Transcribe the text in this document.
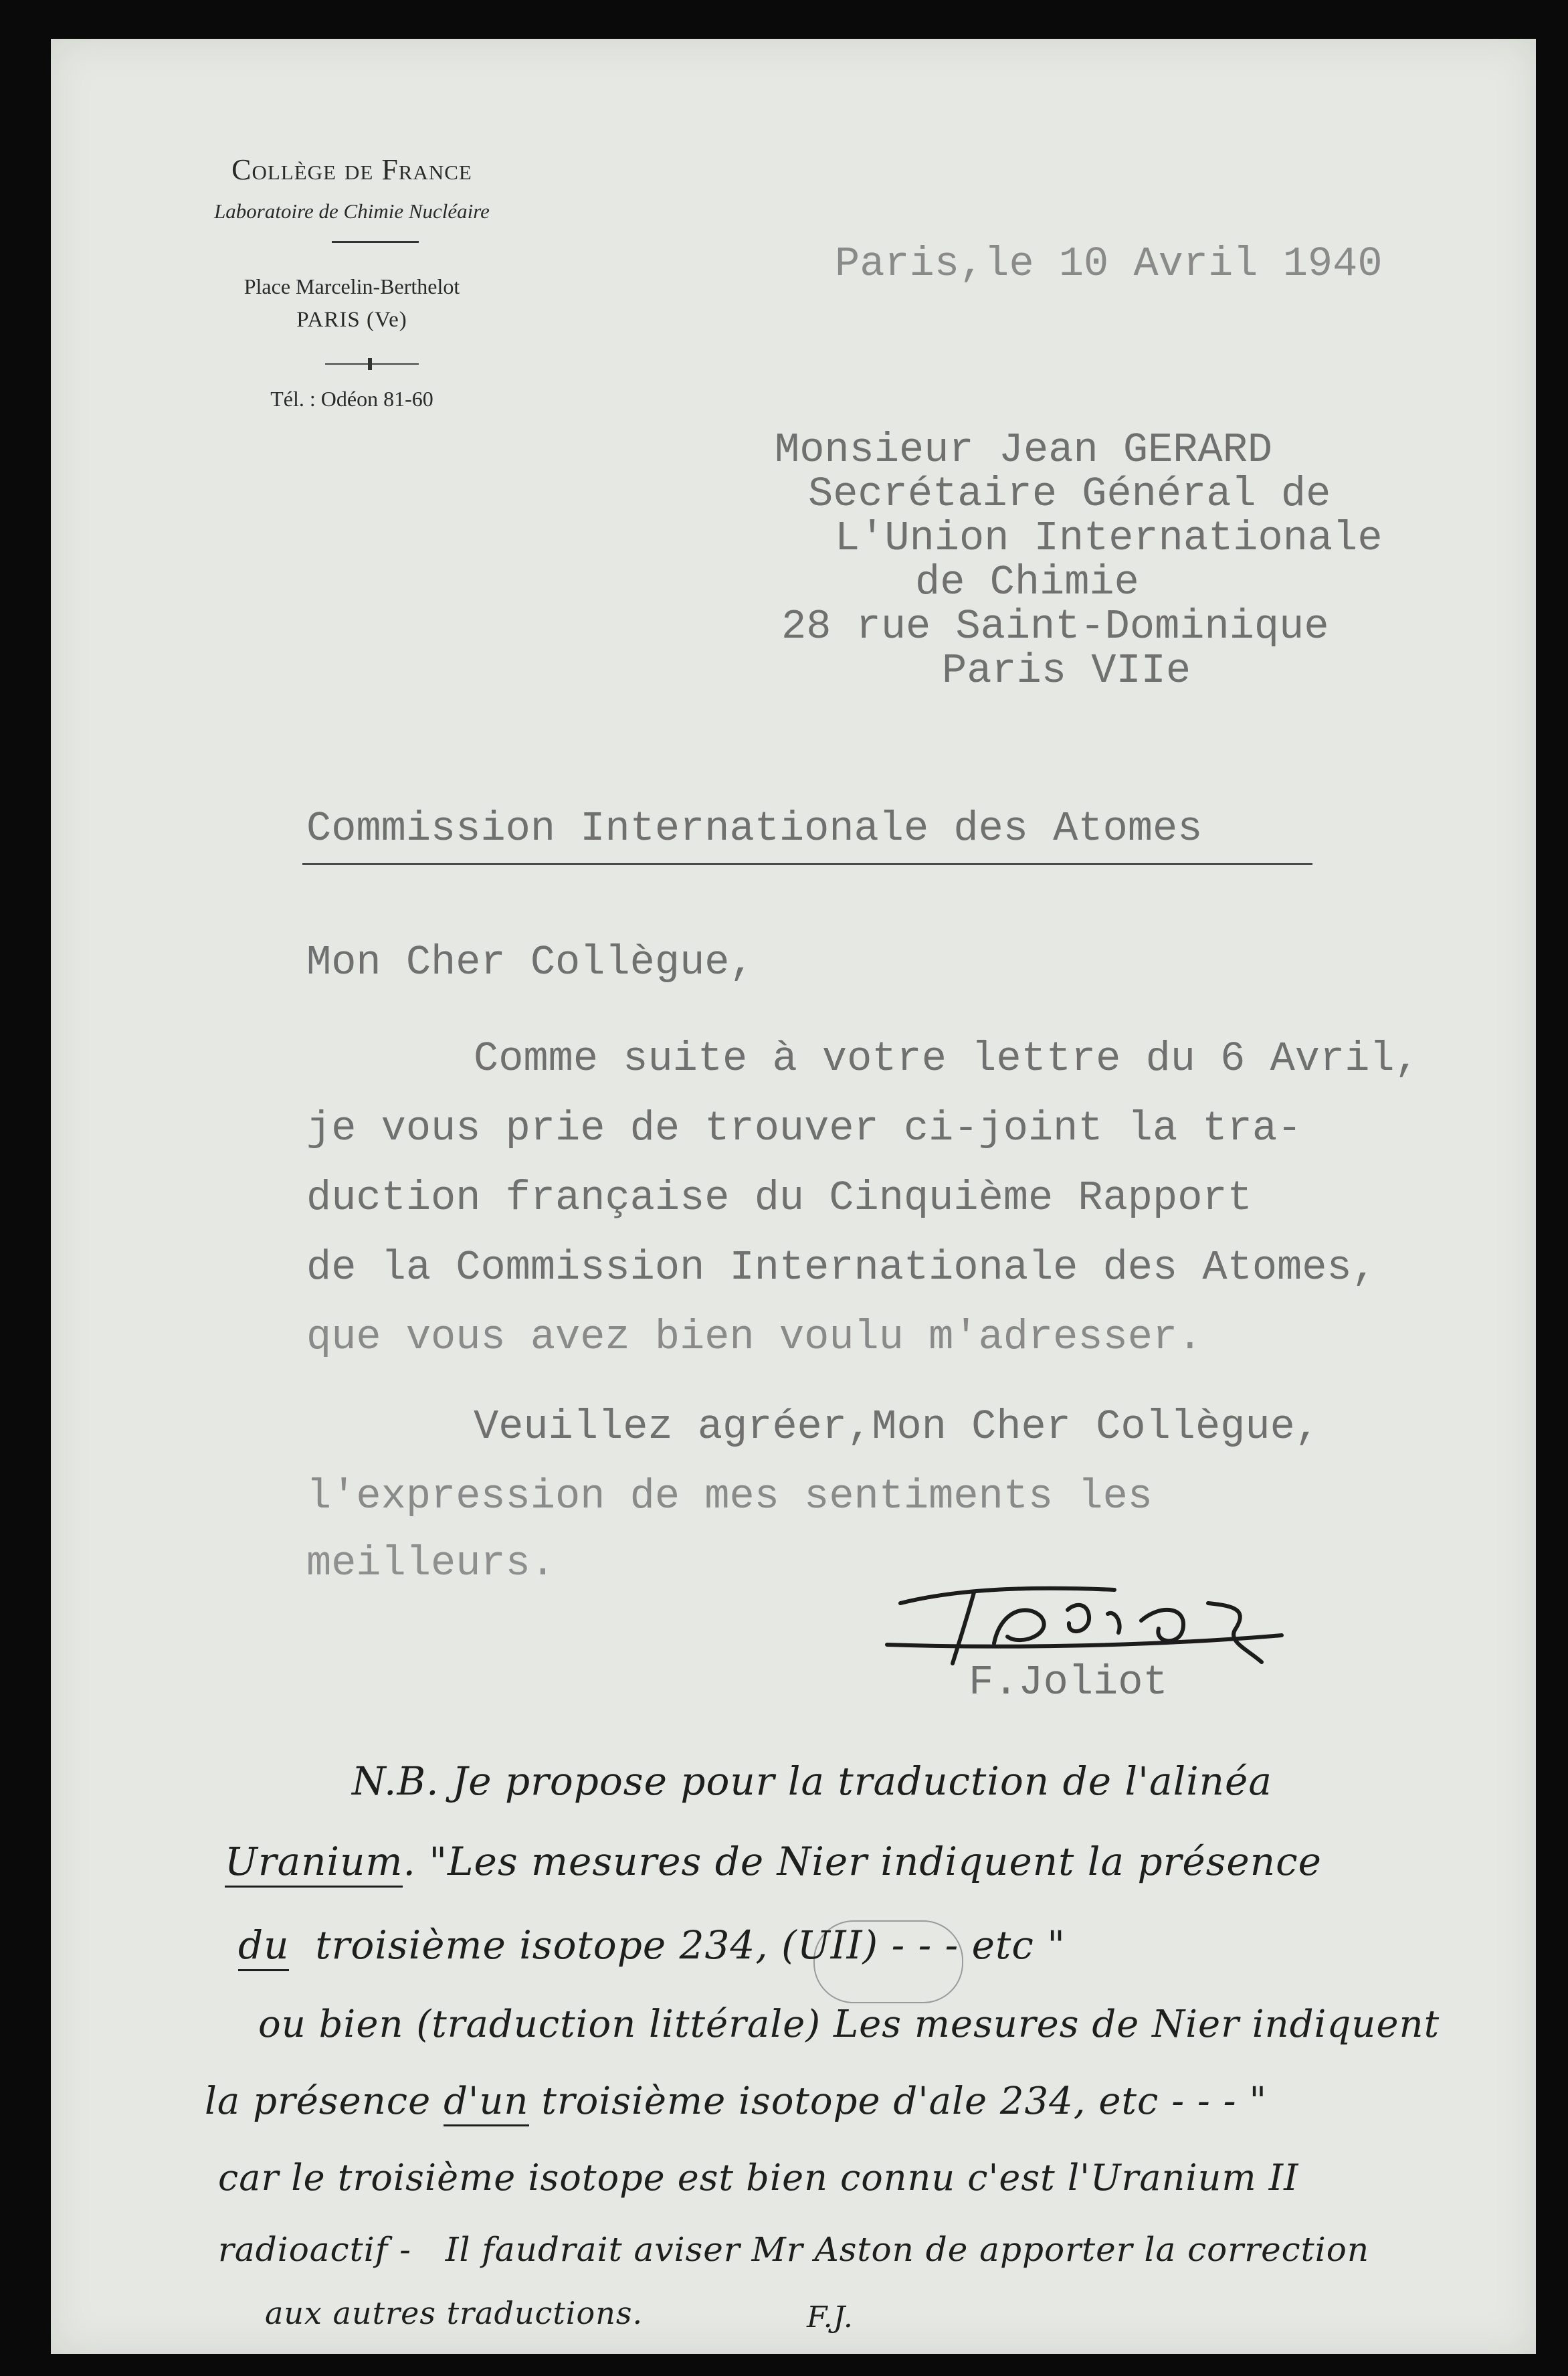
Collège de France
Laboratoire de Chimie Nucléaire
Place Marcelin-Berthelot
PARIS (Ve)
Tél. : Odéon 81-60
Paris,le 10 Avril 1940
Monsieur Jean GERARD
Secrétaire Général de
L'Union Internationale
de Chimie
28 rue Saint-Dominique
Paris VIIe
Commission Internationale des Atomes
Mon Cher Collègue,
Comme suite à votre lettre du 6 Avril,
je vous prie de trouver ci-joint la tra-
duction française du Cinquième Rapport
de la Commission Internationale des Atomes,
que vous avez bien voulu m'adresser.
Veuillez agréer,Mon Cher Collègue,
l'expression de mes sentiments les
meilleurs.
F.Joliot
N.B. Je propose pour la traduction de l'alinéa
Uranium. "Les mesures de Nier indiquent la présence
du troisième isotope 234, (UII) - - - etc "
ou bien (traduction littérale) Les mesures de Nier indiquent
la présence d'un troisième isotope d'ale 234, etc - - - "
car le troisième isotope est bien connu c'est l'Uranium II
radioactif - Il faudrait aviser Mr Aston de apporter la correction
aux autres traductions.	F.J.
